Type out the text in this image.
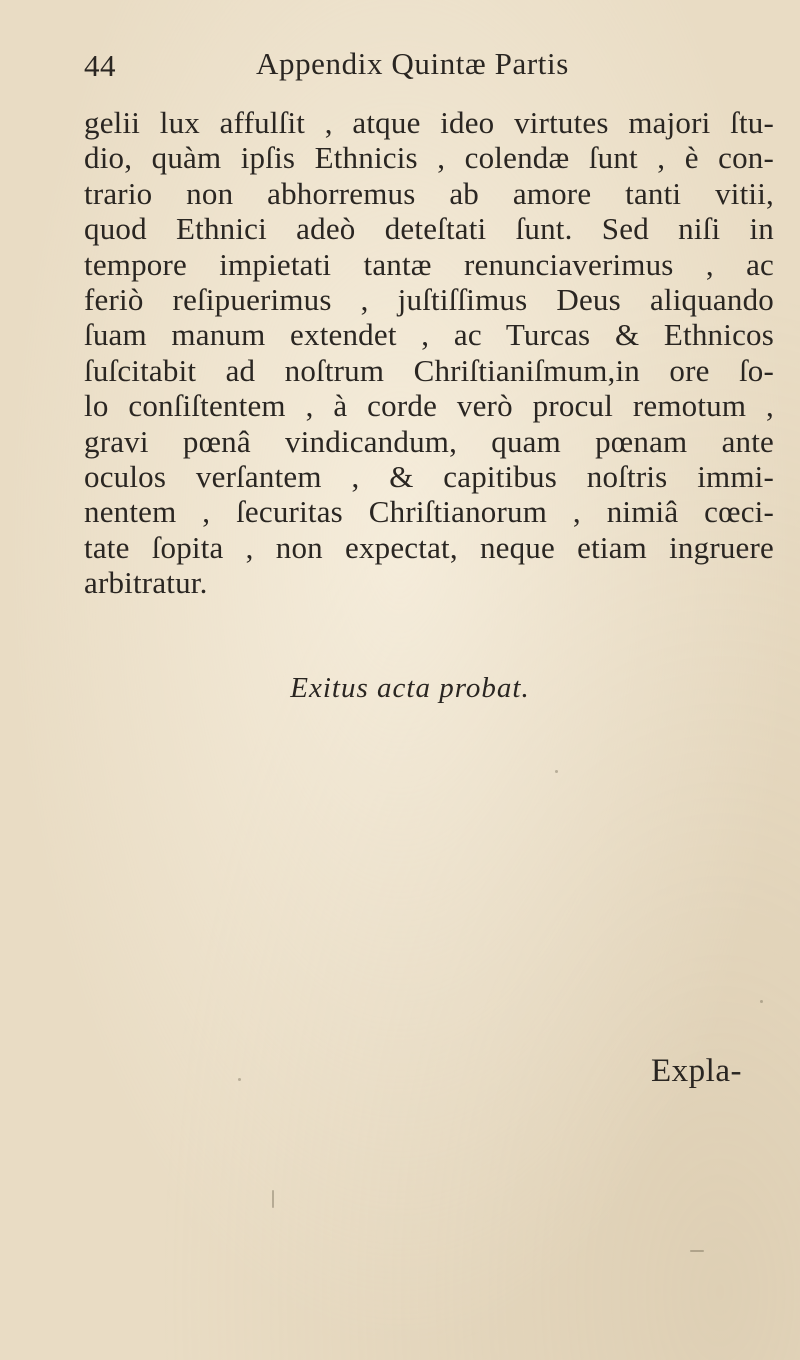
44	Appendix Quintæ Partis
gelii lux affulſit , atque ideo virtutes majori ſtu-
dio, quàm ipſis Ethnicis , colendæ ſunt , è con-
trario non abhorremus ab amore tanti vitii,
quod Ethnici adeò deteſtati ſunt. Sed niſi in
tempore impietati tantæ renunciaverimus , ac
feriò reſipuerimus , juſtiſſimus Deus aliquando
ſuam manum extendet , ac Turcas & Ethnicos
ſuſcitabit ad noſtrum Chriſtianiſmum,in ore ſo-
lo conſiſtentem , à corde verò procul remotum ,
gravi pœnâ vindicandum, quam pœnam ante
oculos verſantem , & capitibus noſtris immi-
nentem , ſecuritas Chriſtianorum , nimiâ cœci-
tate ſopita , non expectat, neque etiam ingruere
arbitratur.
Exitus acta probat.
Expla-
